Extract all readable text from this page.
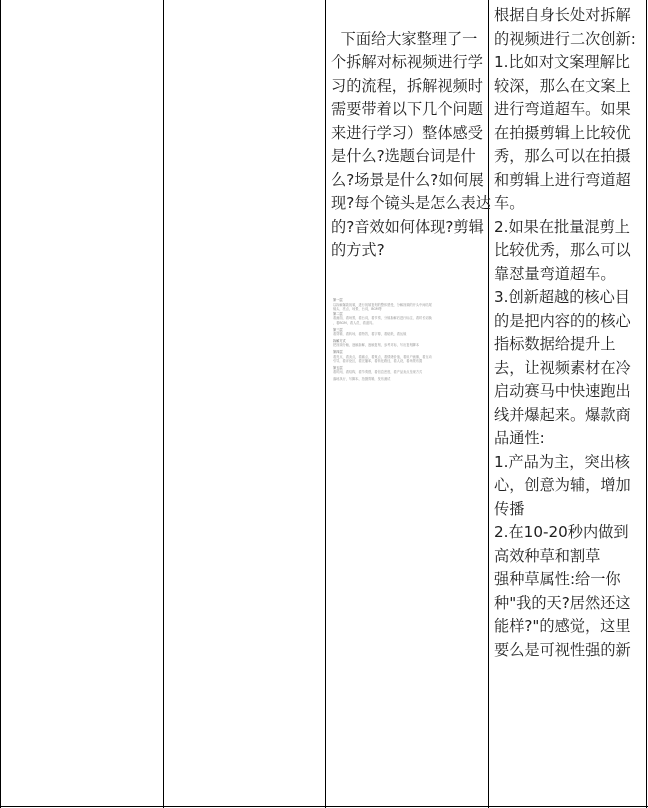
下面给大家整理了一个拆解对标视频进行学习的流程，拆解视频时需要带着以下几个问题来进行学习）整体感受是什么?选题台词是什么?场景是什么?如何展现?每个镜头是怎么表达的?音效如何体现?剪辑的方式?

第一层
以拆解爆款视频，进行视频复刻的整体感受，分解视频的开头中间结尾
镜头，亮点，场景，台词，BGM等
第二层
看画面，看场景，看台词，看节奏，分镜拆解后进行标注，看时长切换
，看BGM，看人员，看道具。
第三层
看剪辑，看转场，看特效，看字幕，看贴纸，看运镜
拆解方式
把视频分帧，逐帧拆解，逐帧复刻，参考对标，写出复刻脚本
第四层
看亮点，看卖点，看痛点，看爽点，看情绪价值，看用户画像，看互动
引导，看评论区，看完播率，看转化路径，看人设，看场景布置
第五层
看时间，看结构，看节奏感，看信息密度，看产品卖点呈现方式
落地执行，写脚本，拍摄剪辑，发布测试
根据自身长处对拆解的视频进行二次创新:
1.比如对文案理解比较深，那么在文案上进行弯道超车。如果在拍摄剪辑上比较优秀，那么可以在拍摄和剪辑上进行弯道超车。
2.如果在批量混剪上比较优秀，那么可以靠怼量弯道超车。
3.创新超越的核心目的是把内容的的核心指标数据给提升上去，让视频素材在冷启动赛马中快速跑出线并爆起来。爆款商品通性:
1.产品为主，突出核心，创意为辅，增加传播
2.在10-20秒内做到高效种草和割草
强种草属性:给一你种"我的天?居然还这能样?"的感觉，这里要么是可视性强的新
